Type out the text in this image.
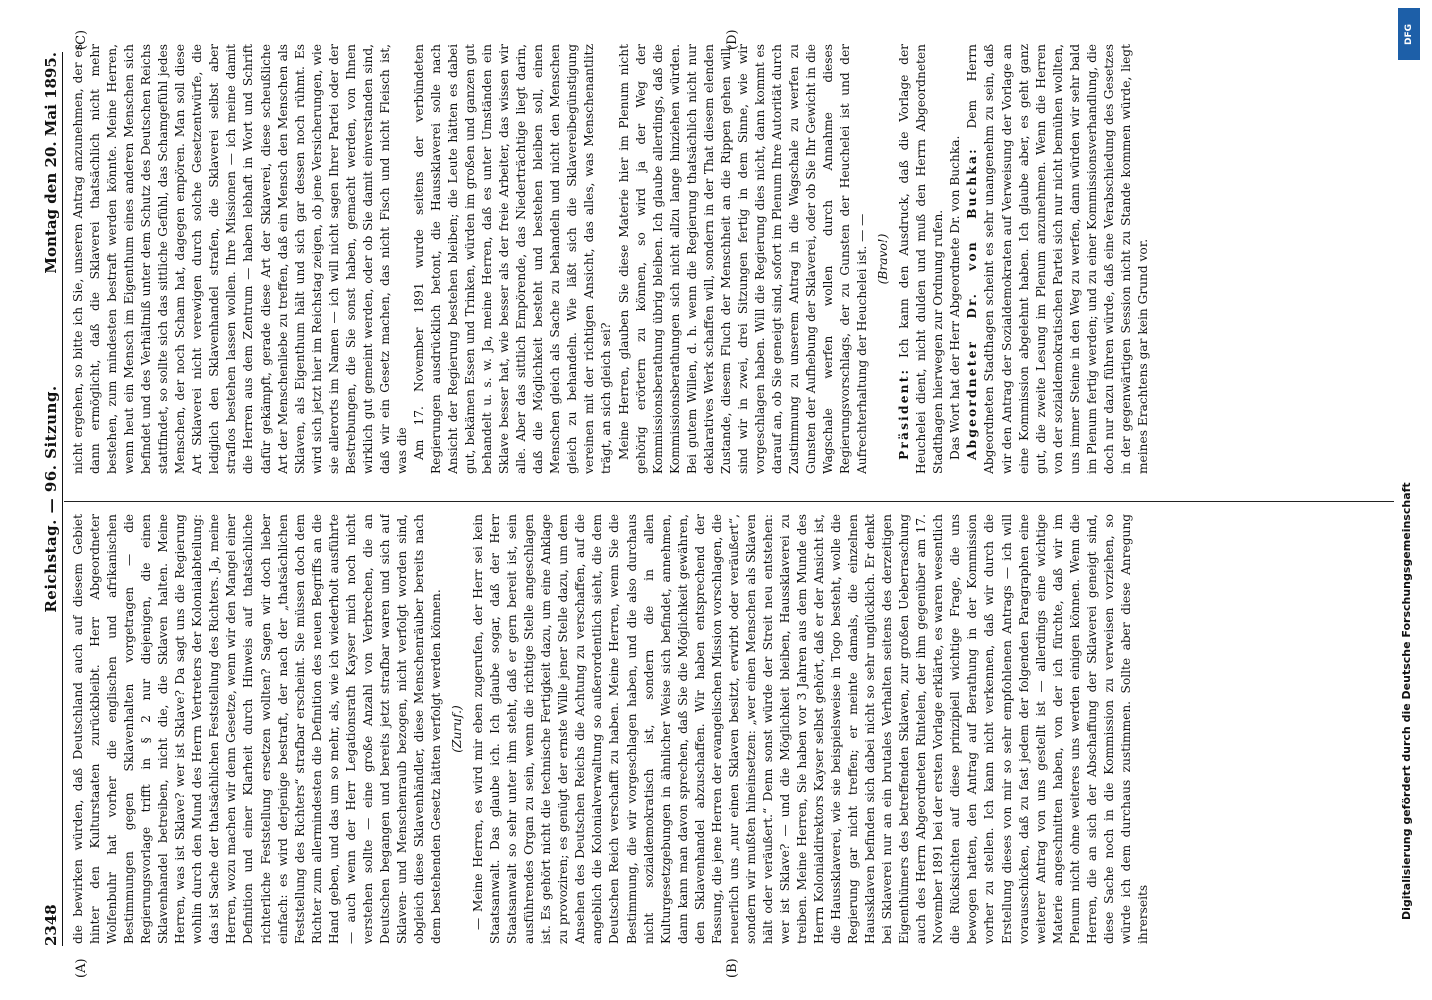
2348
Reichstag. — 96. Sitzung.
Montag den 20. Mai 1895.
(A)	(B)
(C)	(D)

die bewirken würden, daß Deutschland auch auf diesem Gebiet hinter den Kulturstaaten zurückbleibt. Herr Abgeordneter Wolfenbuhr hat vorher die englischen und afrikanischen Bestimmungen gegen Sklavenhalten vorgetragen — die Regierungsvorlage trifft in § 2 nur diejenigen, die einen Sklavenhandel betreiben, nicht die, die Sklaven halten. Meine Herren, was ist Sklave? wer ist Sklave? Da sagt uns die Regierung wohlin durch den Mund des Herrn Vertreters der Kolonialabteilung: das ist Sache der thatsächlichen Feststellung des Richters. Ja, meine Herren, wozu machen wir denn Gesetze, wenn wir den Mangel einer Definition und einer Klarheit durch Hinweis auf thatsächliche richterliche Feststellung ersetzen wollten? Sagen wir doch lieber einfach: es wird derjenige bestraft, der nach der „thatsächlichen Feststellung des Richters“ strafbar erscheint. Sie müssen doch dem Richter zum allermindesten die Definition des neuen Begriffs an die Hand geben, und das um so mehr, als, wie ich wiederholt ausführte — auch wenn der Herr Legationsrath Kayser mich noch nicht verstehen sollte — eine große Anzahl von Verbrechen, die an Deutschen begangen und bereits jetzt strafbar waren und sich auf Sklaven- und Menschenraub bezogen, nicht verfolgt worden sind, obgleich diese Sklavenhändler, diese Menschenräuber bereits nach dem bestehenden Gesetz hätten verfolgt werden können. (Zuruf.) — Meine Herren, es wird mir eben zugerufen, der Herr sei kein Staatsanwalt. Das glaube ich. Ich glaube sogar, daß der Herr Staatsanwalt so sehr unter ihm steht, daß er gern bereit ist, sein ausführendes Organ zu sein, wenn die richtige Stelle angeschlagen ist. Es gehört nicht die technische Fertigkeit dazu, um eine Anklage zu provoziren; es genügt der ernste Wille jener Stelle dazu, um dem Ansehen des Deutschen Reichs die Achtung zu verschaffen, auf die angeblich die Kolonialverwaltung so außerordentlich sieht, die dem Deutschen Reich verschafft zu haben. Meine Herren, wenn Sie die Bestimmung, die wir vorgeschlagen haben, und die also durchaus nicht sozialdemokratisch ist, sondern die in allen Kulturgesetzgebungen in ähnlicher Weise sich befindet, annehmen, dann kann man davon sprechen, daß Sie die Möglichkeit gewähren, den Sklavenhandel abzuschaffen. Wir haben entsprechend der Fassung, die jene Herren der evangelischen Mission vorschlagen, die neuerlich uns „nur einen Sklaven besitzt, erwirbt oder veräußert“, sondern wir mußten hineinsetzen: „wer einen Menschen als Sklaven hält oder veräußert.“ Denn sonst würde der Streit neu entstehen: wer ist Sklave? — und die Möglichkeit bleiben, Haussklaverei zu treiben. Meine Herren, Sie haben vor 3 Jahren aus dem Munde des Herrn Kolonialdirektors Kayser selbst gehört, daß er der Ansicht ist, die Haussklaverei, wie sie beispielsweise in Togo besteht, wolle die Regierung gar nicht treffen; er meinte damals, die einzelnen Haussklaven befinden sich dabei nicht so sehr unglücklich. Er denkt bei Sklaverei nur an ein brutales Verhalten seitens des derzeitigen Eigenthümers des betreffenden Sklaven, zur großen Ueberraschung auch des Herrn Abgeordneten Rintelen, der ihm gegenüber am 17. November 1891 bei der ersten Vorlage erklärte, es waren wesentlich die Rücksichten auf diese prinzipiell wichtige Frage, die uns bewogen hatten, den Antrag auf Berathung in der Kommission vorher zu stellen. Ich kann nicht verkennen, daß wir durch die Erstellung dieses von mir so sehr empfohlenen Antrags — ich will vorausschicken, daß zu fast jedem der folgenden Paragraphen eine weiterer Antrag von uns gestellt ist — allerdings eine wichtige Materie angeschnitten haben, von der ich fürchte, daß wir im Plenum nicht ohne weiteres uns werden einigen können. Wenn die Herren, die an sich der Abschaffung der Sklaverei geneigt sind, diese Sache noch in die Kommission zu verweisen vorziehen, so würde ich dem durchaus zustimmen. Sollte aber diese Anregung ihrerseits

nicht ergehen, so bitte ich Sie, unseren Antrag anzunehmen, der es dann ermöglicht, daß die Sklaverei thatsächlich nicht mehr bestehen, zum mindesten bestraft werden könnte. Meine Herren, wenn heut ein Mensch im Eigenthum eines anderen Menschen sich befindet und des Verhältniß unter dem Schutz des Deutschen Reichs stattfindet, so sollte sich das sittliche Gefühl, das Schamgefühl jedes Menschen, der noch Scham hat, dagegen empören. Man soll diese Art Sklaverei nicht verewigen durch solche Gesetzentwürfe, die lediglich den Sklavenhandel strafen, die Sklaverei selbst aber straflos bestehen lassen wollen. Ihre Missionen — ich meine damit die Herren aus dem Zentrum — haben lebhaft in Wort und Schrift dafür gekämpft, gerade diese Art der Sklaverei, diese scheußliche Art der Menschenliebe zu treffen, daß ein Mensch den Menschen als Sklaven, als Eigenthum hält und sich gar dessen noch rühmt. Es wird sich jetzt hier im Reichstag zeigen, ob jene Versicherungen, wie sie allerorts im Namen — ich will nicht sagen Ihrer Partei oder der Bestrebungen, die Sie sonst haben, gemacht werden, von Ihnen wirklich gut gemeint werden, oder ob Sie damit einverstanden sind, daß wir ein Gesetz machen, das nicht Fisch und nicht Fleisch ist, was die Am 17. November 1891 wurde seitens der verbündeten Regierungen ausdrücklich betont, die Haussklaverei solle nach Ansicht der Regierung bestehen bleiben; die Leute hätten es dabei gut, bekämen Essen und Trinken, würden im großen und ganzen gut behandelt u. s. w. Ja, meine Herren, daß es unter Umständen ein Sklave besser hat, wie besser als der freie Arbeiter, das wissen wir alle. Aber das sittlich Empörende, das Niederträchtige liegt darin, daß die Möglichkeit besteht und bestehen bleiben soll, einen Menschen gleich als Sache zu behandeln und nicht den Menschen gleich zu behandeln. Wie läßt sich die Sklavereibegünstigung vereinen mit der richtigen Ansicht, das alles, was Menschenantlitz trägt, an sich gleich sei? Meine Herren, glauben Sie diese Materie hier im Plenum nicht gehörig erörtern zu können, so wird ja der Weg der Kommissionsberathung übrig bleiben. Ich glaube allerdings, daß die Kommissionsberathungen sich nicht allzu lange hinziehen würden. Bei gutem Willen, d. h. wenn die Regierung thatsächlich nicht nur deklaratives Werk schaffen will, sondern in der That diesem elenden Zustande, diesem Fluch der Menschheit an die Rippen gehen will, sind wir in zwei, drei Sitzungen fertig in dem Sinne, wie wir vorgeschlagen haben. Will die Regierung dies nicht, dann kommt es darauf an, ob Sie geneigt sind, sofort im Plenum Ihre Autorität durch Zustimmung zu unserem Antrag in die Wagschale zu werfen zu Gunsten der Aufhebung der Sklaverei, oder ob Sie Ihr Gewicht in die Wagschale werfen wollen durch Annahme dieses Regierungsvorschlags, der zu Gunsten der Heuchelei ist und der Aufrechterhaltung der Heuchelei ist. — — (Bravo!)

Präsident: Ich kann den Ausdruck, daß die Vorlage der Heuchelei dient, nicht dulden und muß den Herrn Abgeordneten Stadthagen hierwegen zur Ordnung rufen. Das Wort hat der Herr Abgeordnete Dr. von Buchka. Abgeordneter Dr. von Buchka: Dem Herrn Abgeordneten Stadthagen scheint es sehr unangenehm zu sein, daß wir den Antrag der Sozialdemokraten auf Verweisung der Vorlage an eine Kommission abgelehnt haben. Ich glaube aber, es geht ganz gut, die zweite Lesung im Plenum anzunehmen. Wenn die Herren von der sozialdemokratischen Partei sich nur nicht bemühen wollten, uns immer Steine in den Weg zu werfen, dann würden wir sehr bald im Plenum fertig werden; und zu einer Kommissionsverhandlung, die doch nur dazu führen würde, daß eine Verabschiedung des Gesetzes in der gegenwärtigen Session nicht zu Stande kommen würde, liegt meines Erachtens gar kein Grund vor.

Digitalisierung gefördert durch die Deutsche Forschungsgemeinschaft
DFG
